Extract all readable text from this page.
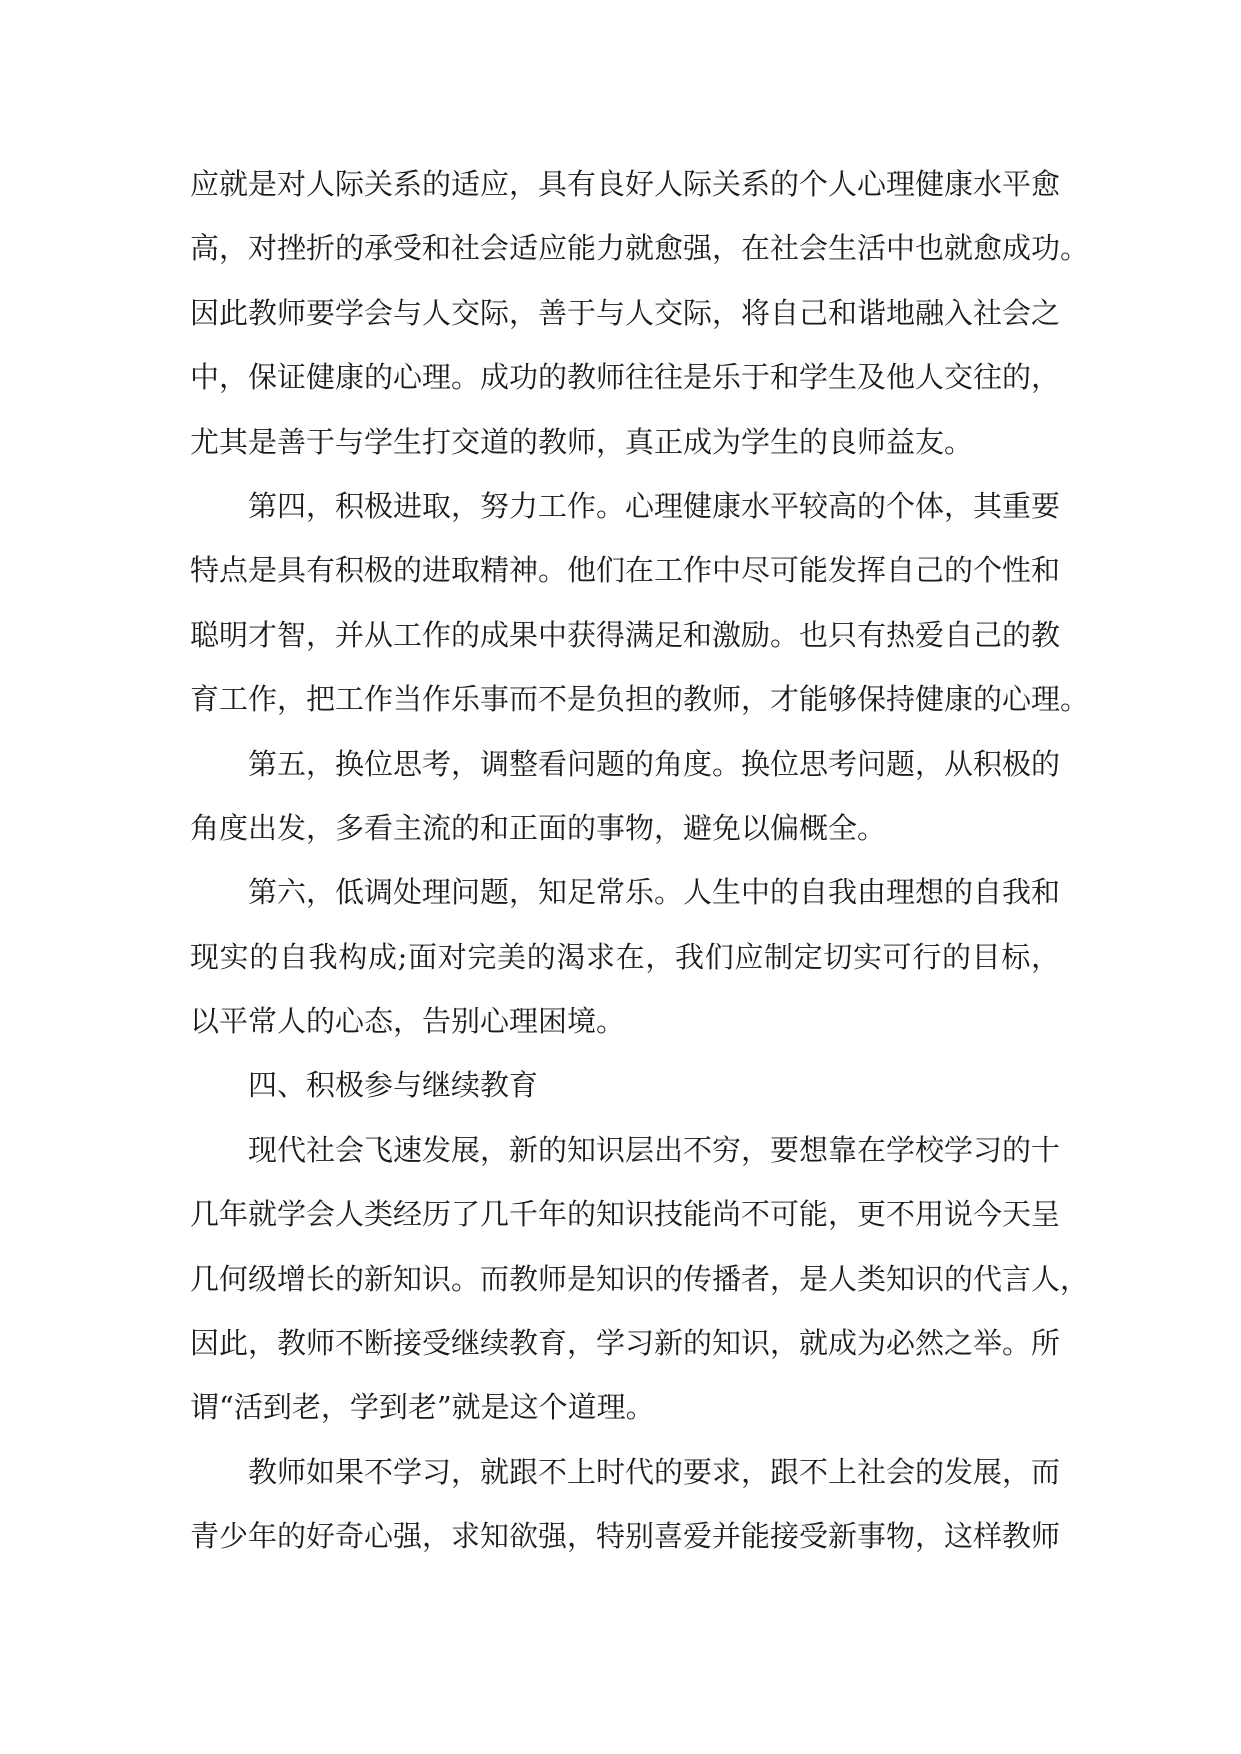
应就是对人际关系的适应，具有良好人际关系的个人心理健康水平愈
高，对挫折的承受和社会适应能力就愈强，在社会生活中也就愈成功。
因此教师要学会与人交际，善于与人交际，将自己和谐地融入社会之
中，保证健康的心理。成功的教师往往是乐于和学生及他人交往的，
尤其是善于与学生打交道的教师，真正成为学生的良师益友。
第四，积极进取，努力工作。心理健康水平较高的个体，其重要
特点是具有积极的进取精神。他们在工作中尽可能发挥自己的个性和
聪明才智，并从工作的成果中获得满足和激励。也只有热爱自己的教
育工作，把工作当作乐事而不是负担的教师，才能够保持健康的心理。
第五，换位思考，调整看问题的角度。换位思考问题，从积极的
角度出发，多看主流的和正面的事物，避免以偏概全。
第六，低调处理问题，知足常乐。人生中的自我由理想的自我和
现实的自我构成;面对完美的渴求在，我们应制定切实可行的目标，
以平常人的心态，告别心理困境。
四、积极参与继续教育
现代社会飞速发展，新的知识层出不穷，要想靠在学校学习的十
几年就学会人类经历了几千年的知识技能尚不可能，更不用说今天呈
几何级增长的新知识。而教师是知识的传播者，是人类知识的代言人，
因此，教师不断接受继续教育，学习新的知识，就成为必然之举。所
谓“活到老，学到老”就是这个道理。
教师如果不学习，就跟不上时代的要求，跟不上社会的发展，而
青少年的好奇心强，求知欲强，特别喜爱并能接受新事物，这样教师
